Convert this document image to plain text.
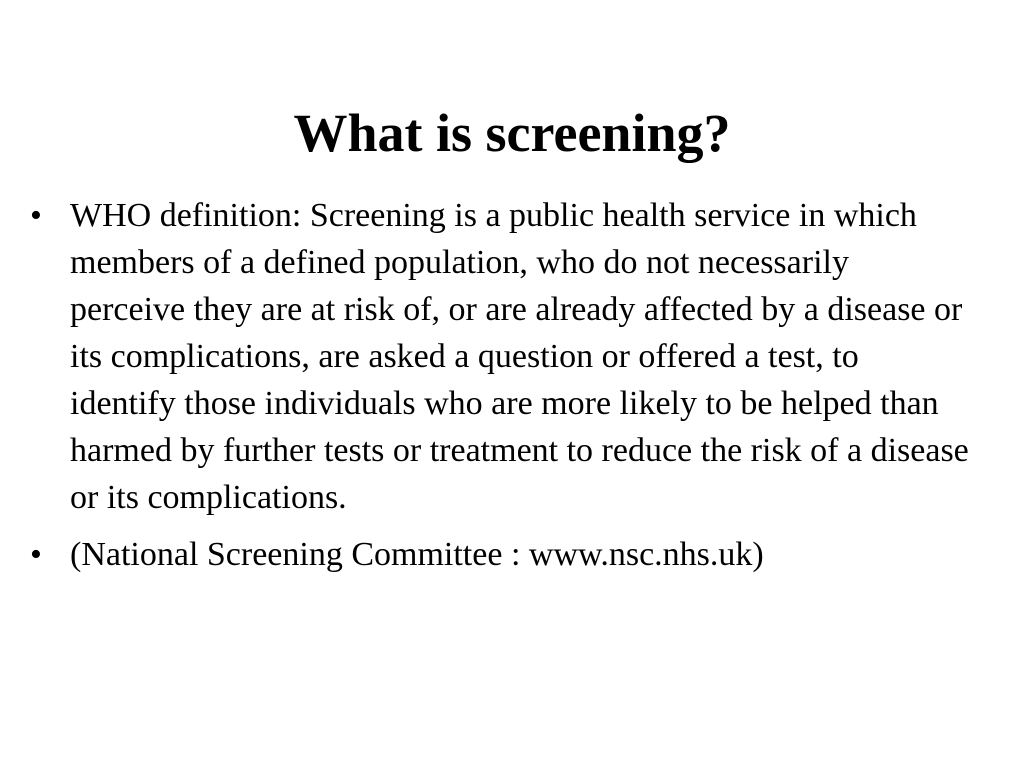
What is screening?
• WHO definition: Screening is a public health service in which members of a defined population, who do not necessarily perceive they are at risk of, or are already affected by a disease or its complications, are asked a question or offered a test, to identify those individuals who are more likely to be helped than harmed by further tests or treatment to reduce the risk of a disease or its complications.
• (National Screening Committee : www.nsc.nhs.uk)
